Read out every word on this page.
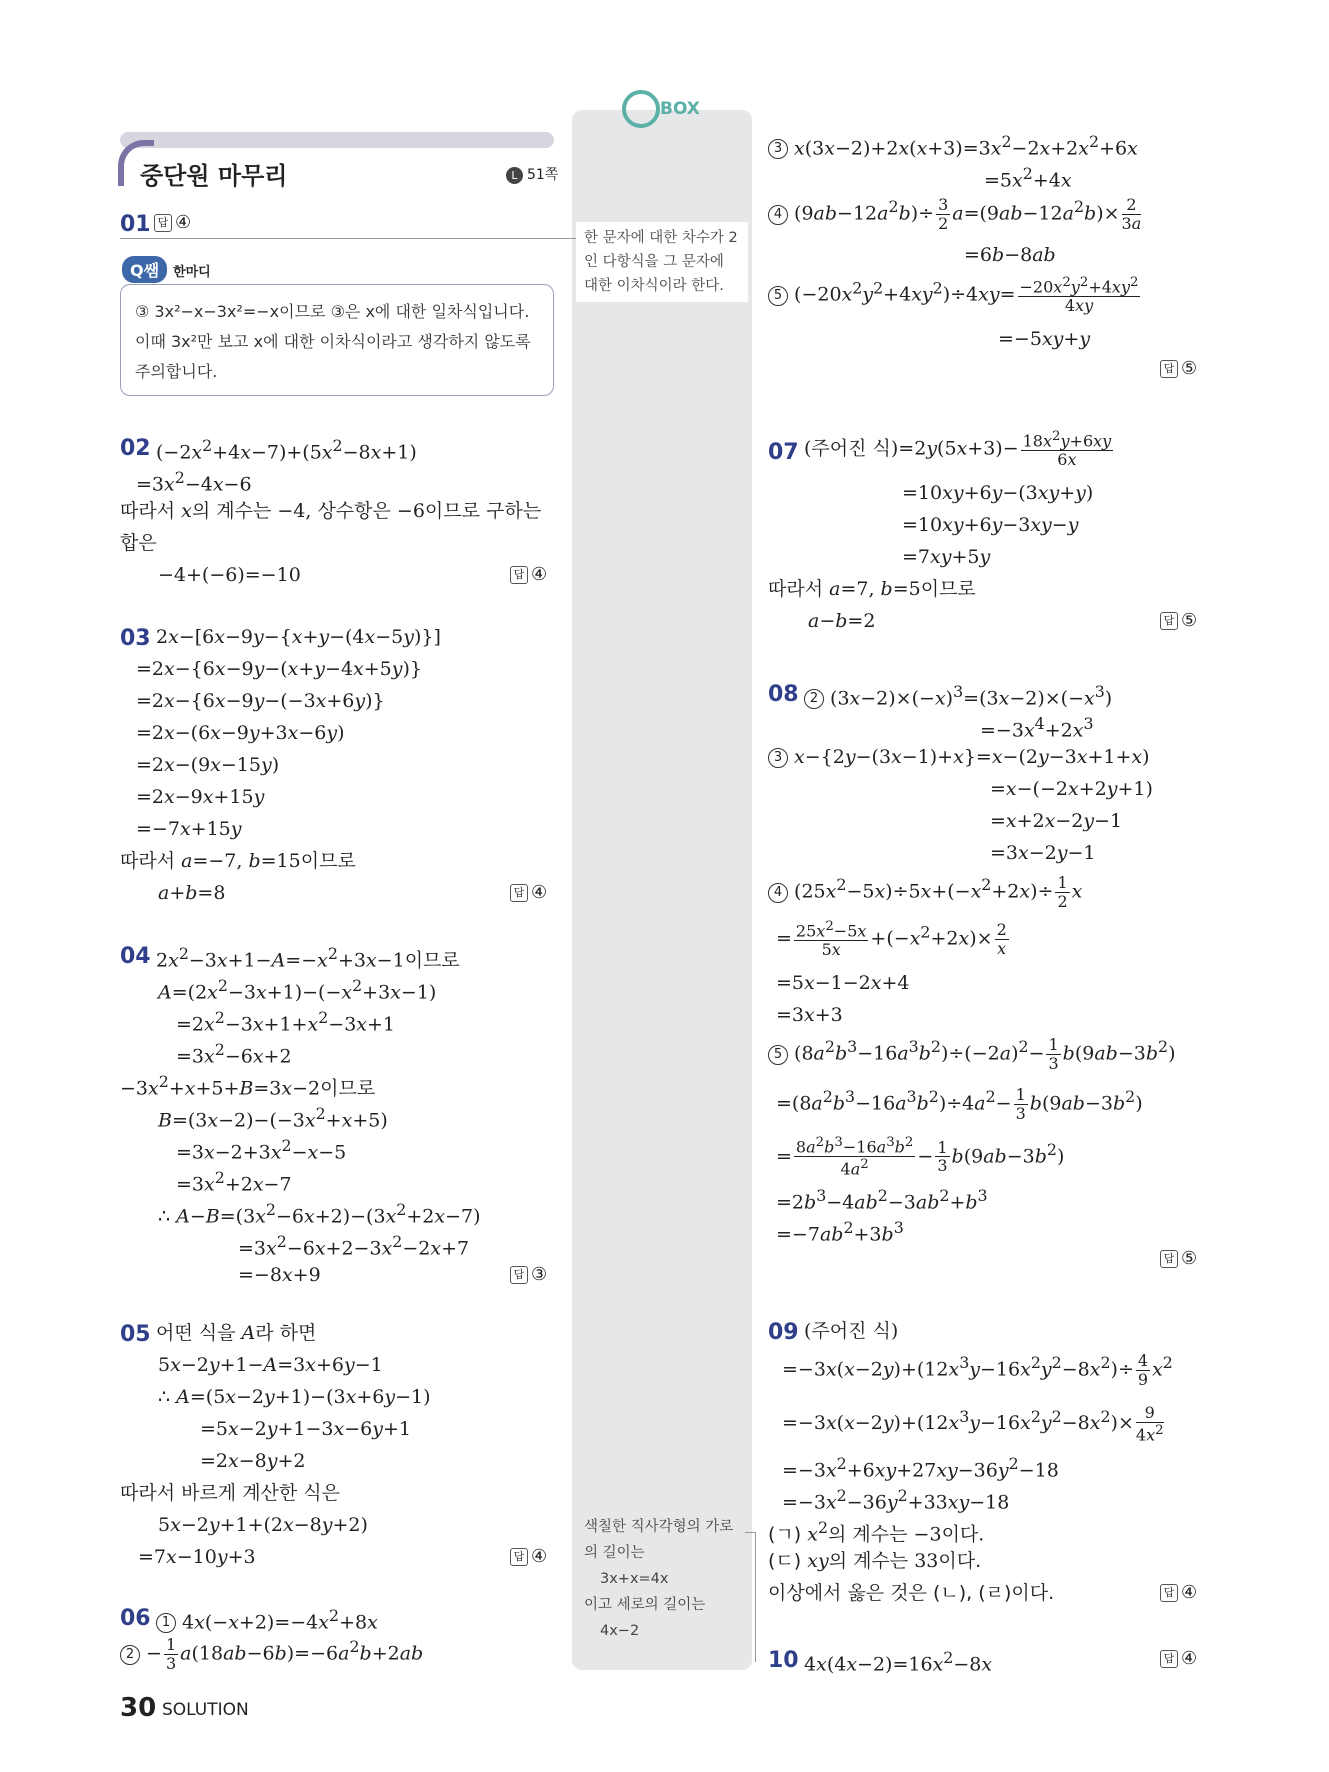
BOX
한 문자에 대한 차수가 2인 다항식을 그 문자에 대한 이차식이라 한다.
색칠한 직사각형의 가로의 길이는
3x+x=4x
이고 세로의 길이는
4x−2
중단원 마무리	L 51쪽
01 답 ④
Q쌤 한마디
③ 3x²−x−3x²=−x이므로 ③은 x에 대한 일차식입니다. 이때 3x²만 보고 x에 대한 이차식이라고 생각하지 않도록 주의합니다.
02 $(-2x^2+4x-7)+(5x^2-8x+1)$
$=3x^2-4x-6$
따라서 x의 계수는 −4, 상수항은 −6이므로 구하는
합은
−4+(−6)=−10	답 ④
03 2x−[6x−9y−{x+y−(4x−5y)}]
=2x−{6x−9y−(x+y−4x+5y)}
=2x−{6x−9y−(−3x+6y)}
=2x−(6x−9y+3x−6y)
=2x−(9x−15y)
=2x−9x+15y
=−7x+15y
따라서 a=−7, b=15이므로
a+b=8	답 ④
04 $2x^2-3x+1-A=-x^2+3x-1$이므로
$A=(2x^2-3x+1)-(-x^2+3x-1)$
$=2x^2-3x+1+x^2-3x+1$
$=3x^2-6x+2$
$-3x^2+x+5+B=3x-2$이므로
$B=(3x-2)-(-3x^2+x+5)$
$=3x-2+3x^2-x-5$
$=3x^2+2x-7$
∴ $A-B=(3x^2-6x+2)-(3x^2+2x-7)$
$=3x^2-6x+2-3x^2-2x+7$
=−8x+9	답 ③
05 어떤 식을 A라 하면
5x−2y+1−A=3x+6y−1
∴ A=(5x−2y+1)−(3x+6y−1)
=5x−2y+1−3x−6y+1
=2x−8y+2
따라서 바르게 계산한 식은
5x−2y+1+(2x−8y+2)
=7x−10y+3	답 ④
06 1 $4x(-x+2)=-4x^2+8x$
$2 - \frac{1}{3} a(18ab-6b)=-6a^2b+2ab$
3 $x(3x-2)+2x(x+3)=3x^2-2x+2x^2+6x$
$=5x^2+4x$
4 $(9ab-12a^2b)\div \frac{3}{2} a=(9ab-12a^2b)\times \frac{2}{3a}$
=6b−8ab
5 $(-20x^2y^2+4xy^2)\div 4xy= \frac{-20x^2y^2+4xy^2}{4xy}$
=−5xy+y
답 ⑤
07 (주어진 식)$=2y(5x+3)- \frac{18x^2y+6xy}{6x}$
=10xy+6y−(3xy+y)
=10xy+6y−3xy−y
=7xy+5y
따라서 a=7, b=5이므로
a−b=2	답 ⑤
08 2 $(3x-2)\times(-x)^3=(3x-2)\times(-x^3)$
$=-3x^4+2x^3$
3 x−{2y−(3x−1)+x}=x−(2y−3x+1+x)
=x−(−2x+2y+1)
=x+2x−2y−1
=3x−2y−1
4 $(25x^2-5x)\div 5x+(-x^2+2x)\div \frac{1}{2}$ x
= $\frac{25x^2-5x}{5x} +(-x^2+2x)\times \frac{2}{x}$
=5x−1−2x+4
=3x+3
5 $(8a^2b^3-16a^3b^2)\div(-2a)^2- \frac{1}{3} b(9ab-3b^2)$
$=(8a^2b^3-16a^3b^2)\div 4a^2- \frac{1}{3} b(9ab-3b^2)$
= $\frac{8a^2b^3-16a^3b^2}{4a^2} - \frac{1}{3} b(9ab-3b^2)$
$=2b^3-4ab^2-3ab^2+b^3$
$=-7ab^2+3b^3$
답 ⑤
09 (주어진 식)
$=-3x(x-2y)+(12x^3y-16x^2y^2-8x^2)\div \frac{4}{9} x^2$
$=-3x(x-2y)+(12x^3y-16x^2y^2-8x^2)\times \frac{9}{4x^2}$
$=-3x^2+6xy+27xy-36y^2-18$
$=-3x^2-36y^2+33xy-18$
(ㄱ) $x^2$의 계수는 −3이다.
(ㄷ) xy의 계수는 33이다.
이상에서 옳은 것은 (ㄴ), (ㄹ)이다.	답 ④
10 $4x(4x-2)=16x^2-8x$	답 ④
30 SOLUTION
